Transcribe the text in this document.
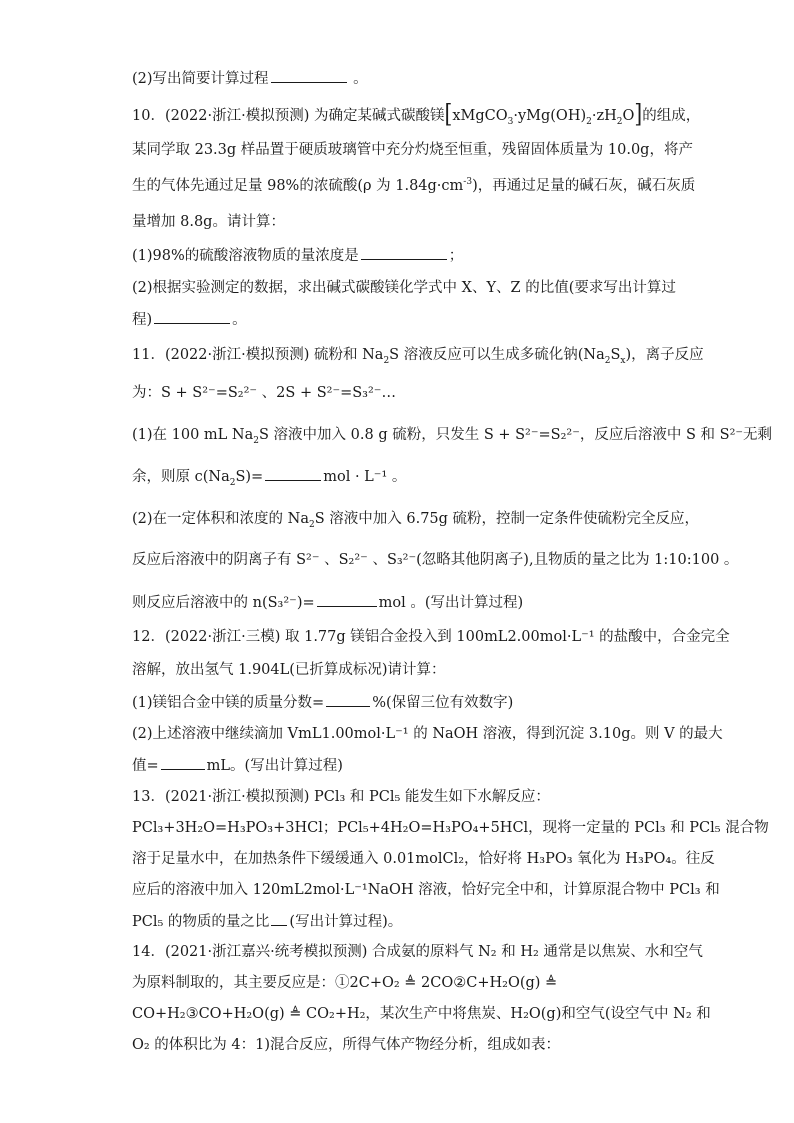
(2)写出简要计算过程	。
10．(2022·浙江·模拟预测) 为确定某碱式碳酸镁$[xMgCO_3\cdot yMg(OH)_2\cdot zH_2O]$的组成，
某同学取 23.3g 样品置于硬质玻璃管中充分灼烧至恒重，残留固体质量为 10.0g，将产
生的气体先通过足量 98%的浓硫酸(ρ 为 $1.84g\cdot cm^{-3}$)，再通过足量的碱石灰，碱石灰质
量增加 8.8g。请计算：
(1)98%的硫酸溶液物质的量浓度是	；
(2)根据实验测定的数据，求出碱式碳酸镁化学式中 X、Y、Z 的比值(要求写出计算过
程)	。
11．(2022·浙江·模拟预测) 硫粉和 $Na_2S$ 溶液反应可以生成多硫化钠$(Na_2S_x)$，离子反应
为：S + S²⁻=S₂²⁻ 、2S + S²⁻=S₃²⁻…
(1)在 100 mL $Na_2S$ 溶液中加入 0.8 g 硫粉，只发生 S + S²⁻=S₂²⁻，反应后溶液中 S 和 S²⁻无剩
余，则原 $c(Na_2S)=$	mol · L⁻¹ 。
(2)在一定体积和浓度的 $Na_2S$ 溶液中加入 6.75g 硫粉，控制一定条件使硫粉完全反应，
反应后溶液中的阴离子有 S²⁻ 、S₂²⁻ 、S₃²⁻(忽略其他阴离子),且物质的量之比为 1:10:100 。
则反应后溶液中的 n(S₃²⁻)=	mol 。(写出计算过程)
12．(2022·浙江·三模) 取 1.77g 镁铝合金投入到 100mL2.00mol·L⁻¹ 的盐酸中，合金完全
溶解，放出氢气 1.904L(已折算成标况)请计算：
(1)镁铝合金中镁的质量分数=	%(保留三位有效数字)
(2)上述溶液中继续滴加 VmL1.00mol·L⁻¹ 的 NaOH 溶液，得到沉淀 3.10g。则 V 的最大
值=	mL。(写出计算过程)
13．(2021·浙江·模拟预测) PCl₃ 和 PCl₅ 能发生如下水解反应：
PCl₃+3H₂O=H₃PO₃+3HCl；PCl₅+4H₂O=H₃PO₄+5HCl，现将一定量的 PCl₃ 和 PCl₅ 混合物
溶于足量水中，在加热条件下缓缓通入 0.01molCl₂，恰好将 H₃PO₃ 氧化为 H₃PO₄。往反
应后的溶液中加入 120mL2mol·L⁻¹NaOH 溶液，恰好完全中和，计算原混合物中 PCl₃ 和
PCl₅ 的物质的量之比 (写出计算过程)。
14．(2021·浙江嘉兴·统考模拟预测) 合成氨的原料气 N₂ 和 H₂ 通常是以焦炭、水和空气
为原料制取的，其主要反应是：①2C+O₂ ≜ 2CO②C+H₂O(g) ≜
CO+H₂③CO+H₂O(g) ≜ CO₂+H₂，某次生产中将焦炭、H₂O(g)和空气(设空气中 N₂ 和
O₂ 的体积比为 4：1)混合反应，所得气体产物经分析，组成如表：
